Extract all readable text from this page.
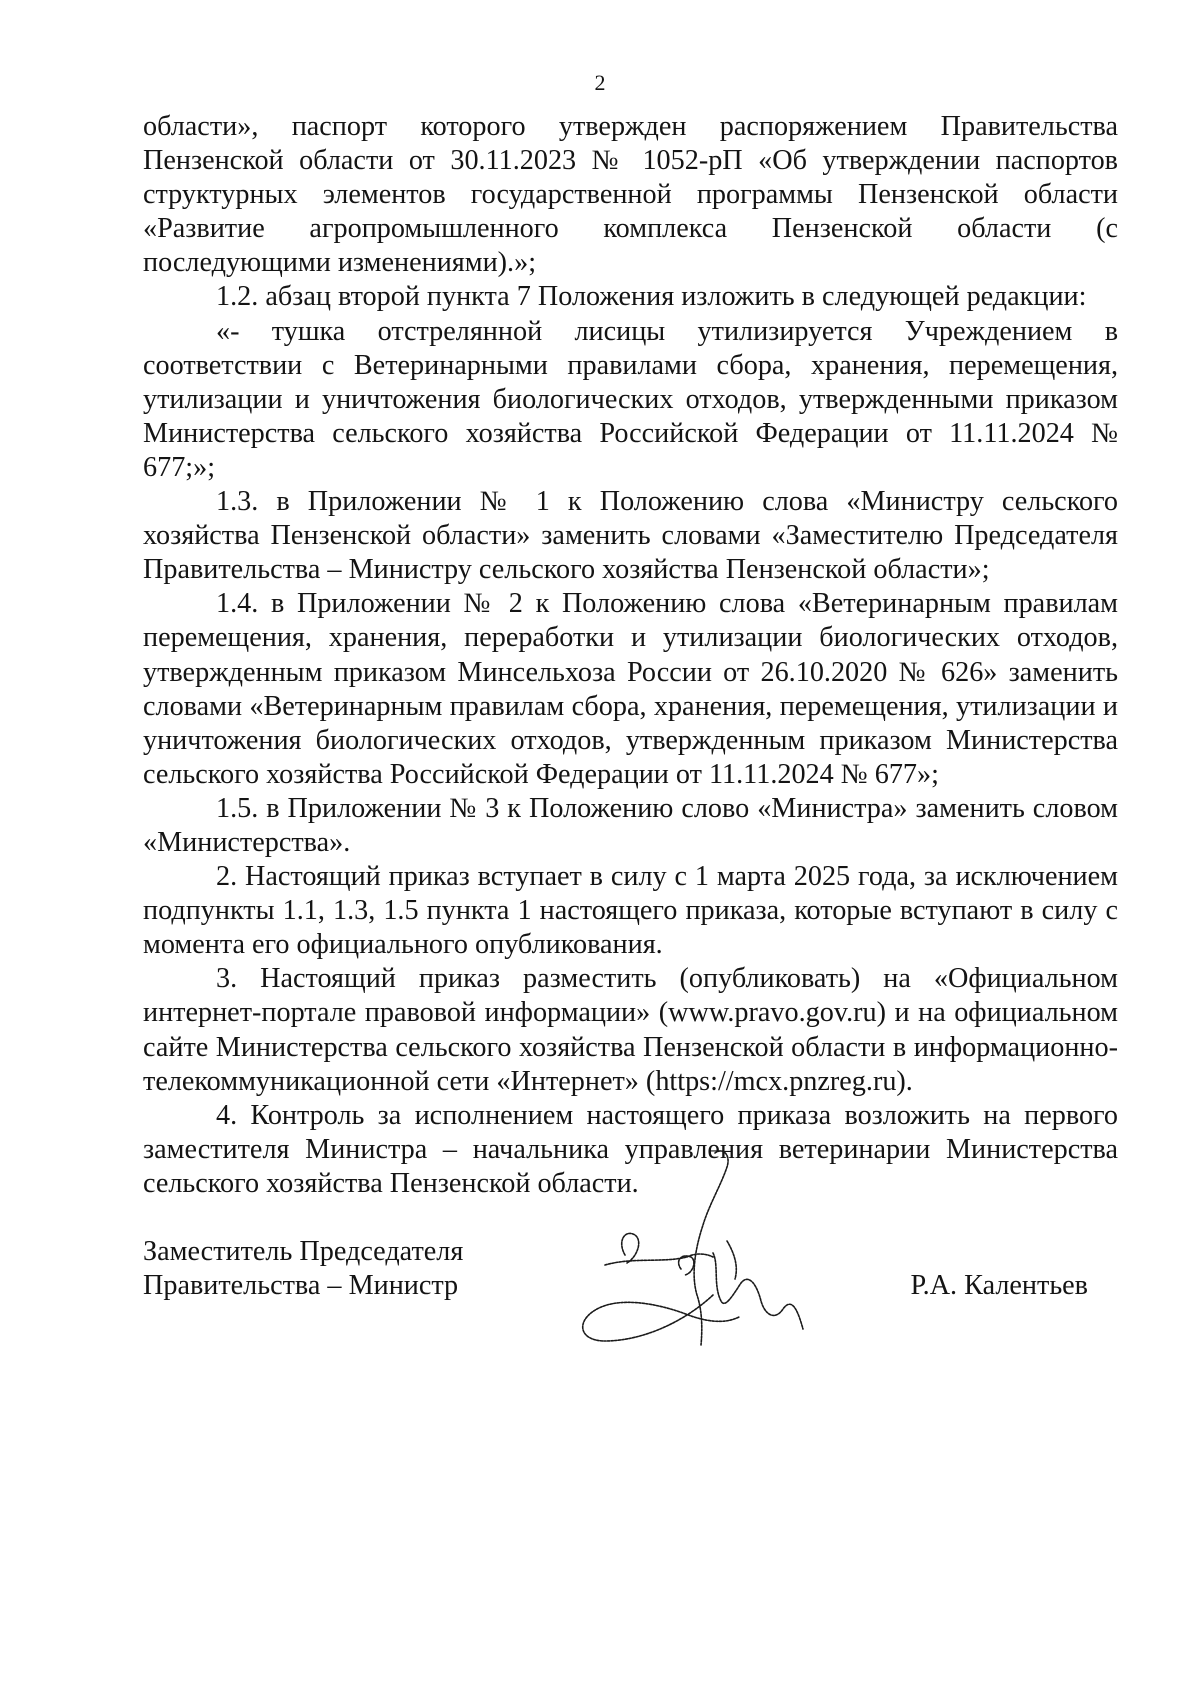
2

области», паспорт которого утвержден распоряжением Правительства Пензенской области от 30.11.2023 № 1052-рП «Об утверждении паспортов структурных элементов государственной программы Пензенской области «Развитие агропромышленного комплекса Пензенской области (с последующими изменениями).»;

1.2. абзац второй пункта 7 Положения изложить в следующей редакции:

«- тушка отстрелянной лисицы утилизируется Учреждением в соответствии с Ветеринарными правилами сбора, хранения, перемещения, утилизации и уничтожения биологических отходов, утвержденными приказом Министерства сельского хозяйства Российской Федерации от 11.11.2024 № 677;»;

1.3. в Приложении № 1 к Положению слова «Министру сельского хозяйства Пензенской области» заменить словами «Заместителю Председателя Правительства – Министру сельского хозяйства Пензенской области»;

1.4. в Приложении № 2 к Положению слова «Ветеринарным правилам перемещения, хранения, переработки и утилизации биологических отходов, утвержденным приказом Минсельхоза России от 26.10.2020 № 626» заменить словами «Ветеринарным правилам сбора, хранения, перемещения, утилизации и уничтожения биологических отходов, утвержденным приказом Министерства сельского хозяйства Российской Федерации от 11.11.2024 № 677»;

1.5. в Приложении № 3 к Положению слово «Министра» заменить словом «Министерства».

2. Настоящий приказ вступает в силу с 1 марта 2025 года, за исключением подпункты 1.1, 1.3, 1.5 пункта 1 настоящего приказа, которые вступают в силу с момента его официального опубликования.

3. Настоящий приказ разместить (опубликовать) на «Официальном интернет-портале правовой информации» (www.pravo.gov.ru) и на официальном сайте Министерства сельского хозяйства Пензенской области в информационно-телекоммуникационной сети «Интернет» (https://mcx.pnzreg.ru).

4. Контроль за исполнением настоящего приказа возложить на первого заместителя Министра – начальника управления ветеринарии Министерства сельского хозяйства Пензенской области.

Заместитель Председателя
Правительства – Министр	Р.А. Калентьев
